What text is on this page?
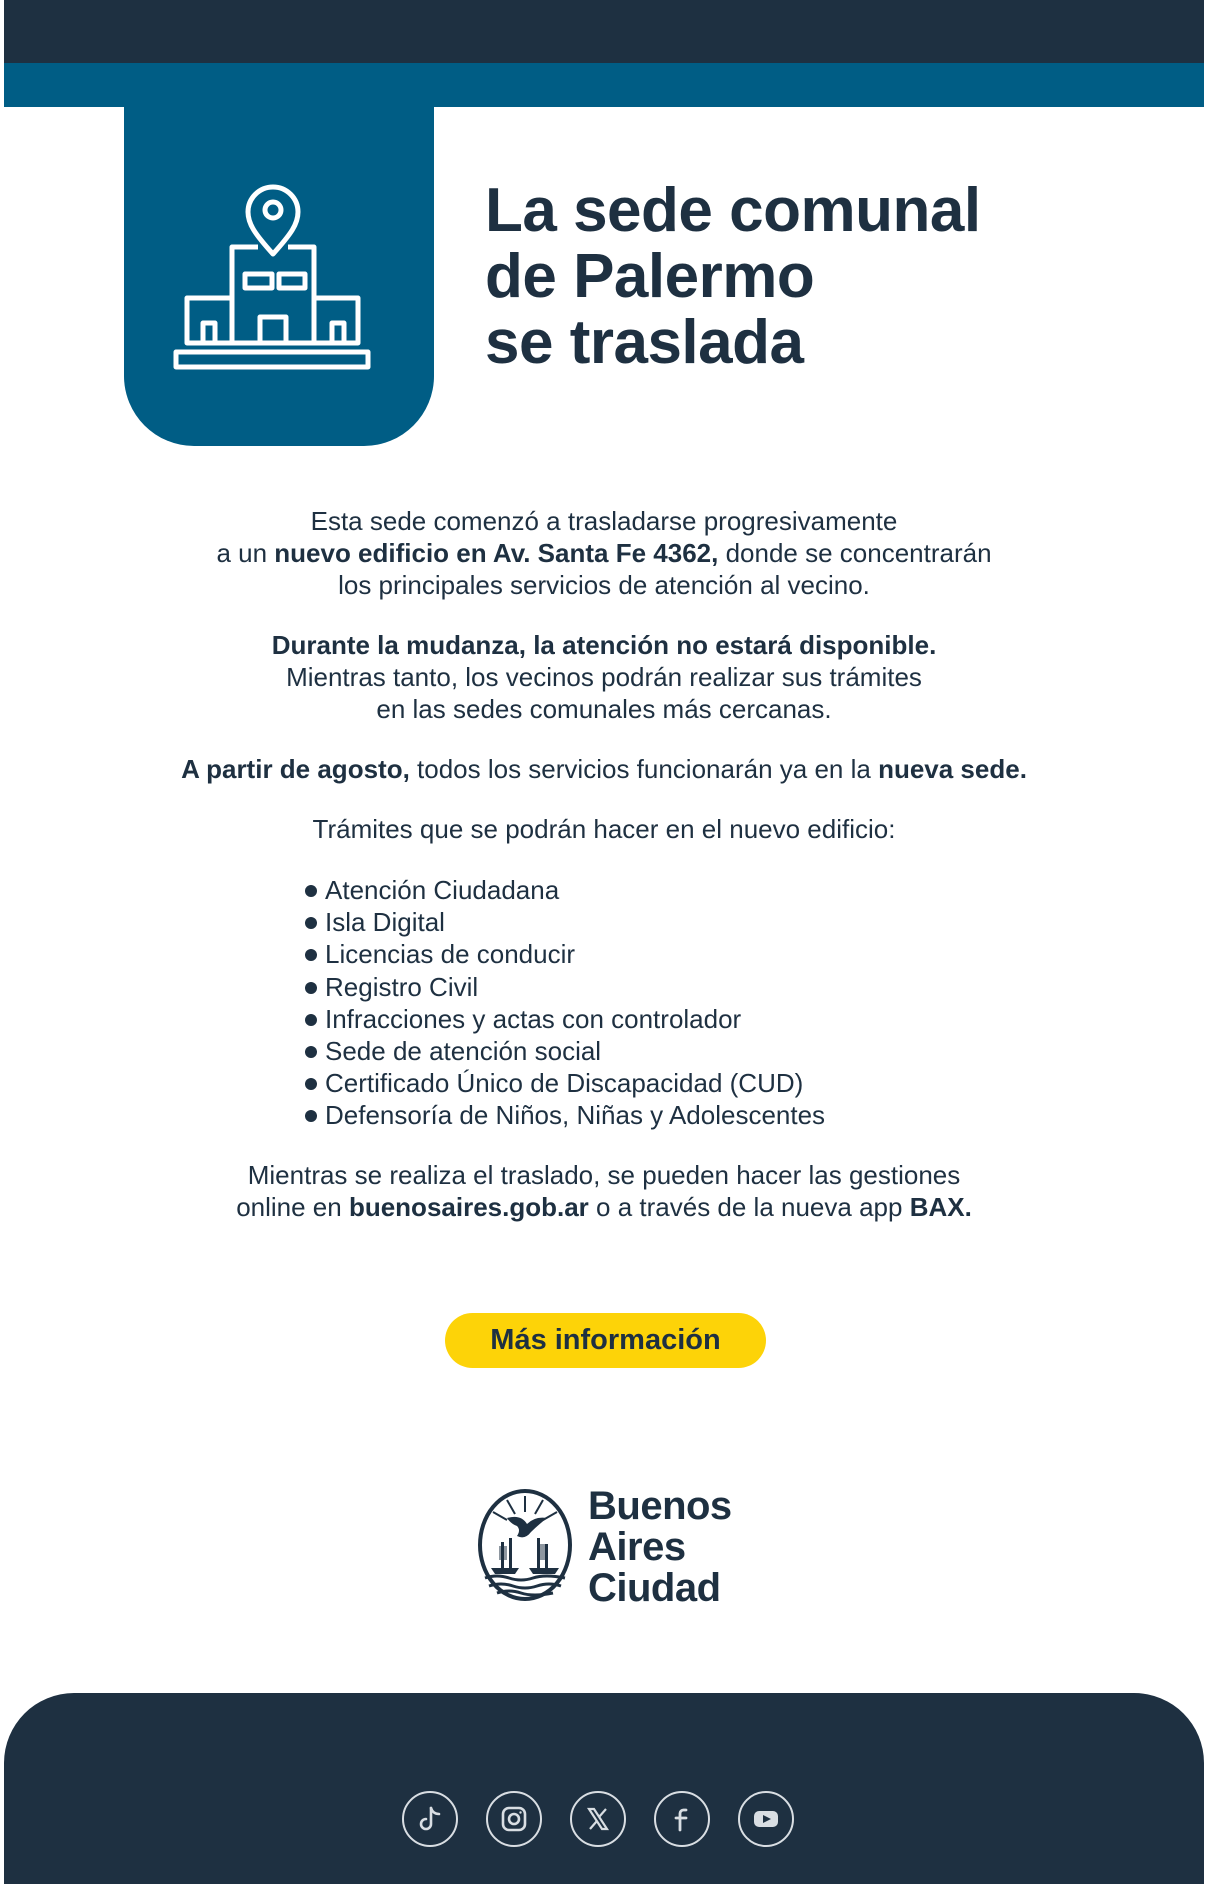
La sede comunal
de Palermo
se traslada

Esta sede comenzó a trasladarse progresivamente

a un nuevo edificio en Av. Santa Fe 4362, donde se concentrarán

los principales servicios de atención al vecino.

Durante la mudanza, la atención no estará disponible.

Mientras tanto, los vecinos podrán realizar sus trámites

en las sedes comunales más cercanas.

A partir de agosto, todos los servicios funcionarán ya en la nueva sede.

Trámites que se podrán hacer en el nuevo edificio:

Atención Ciudadana
Isla Digital
Licencias de conducir
Registro Civil
Infracciones y actas con controlador
Sede de atención social
Certificado Único de Discapacidad (CUD)
Defensoría de Niños, Niñas y Adolescentes

Mientras se realiza el traslado, se pueden hacer las gestiones

online en buenosaires.gob.ar o a través de la nueva app BAX.

Más información
Buenos
Aires
Ciudad
